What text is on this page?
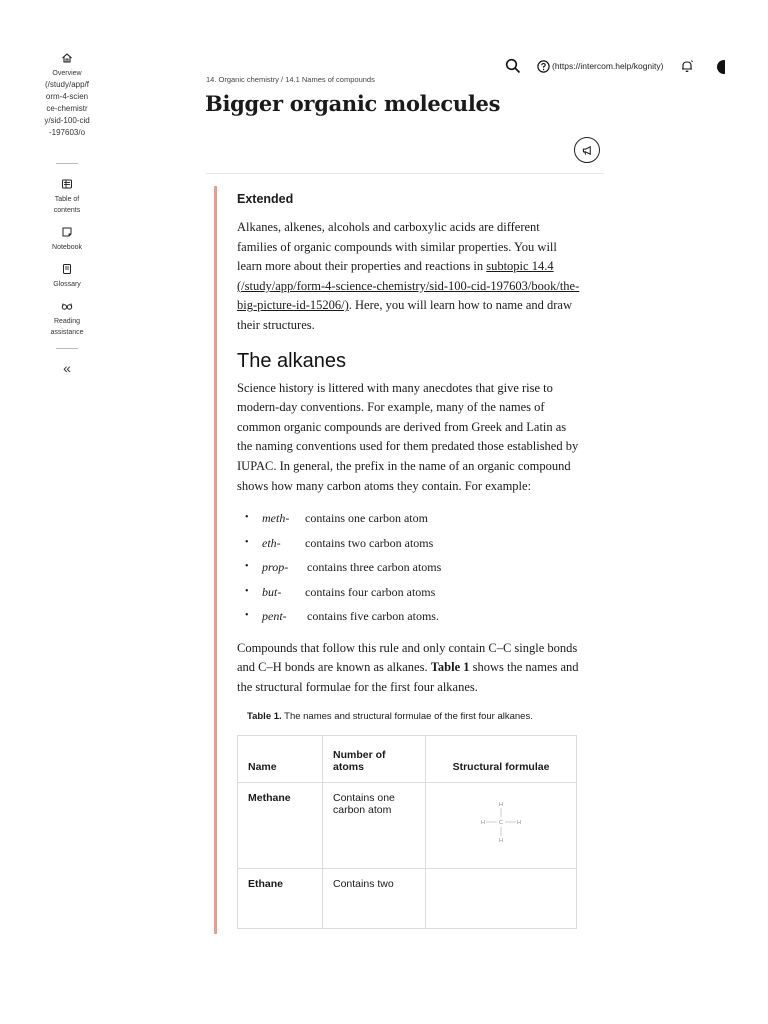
Overview
(/study/app/form-4-science-chemistry/sid-100-cid-197603/o
Table of contents
Notebook
Glossary
Reading assistance
«
14. Organic chemistry / 14.1 Names of compounds
Bigger organic molecules
(https://intercom.help/kognity)
Extended

Alkanes, alkenes, alcohols and carboxylic acids are different families of organic compounds with similar properties. You will learn more about their properties and reactions in subtopic 14.4 (/study/app/form-4-science-chemistry/sid-100-cid-197603/book/the-big-picture-id-15206/). Here, you will learn how to name and draw their structures.

The alkanes

Science history is littered with many anecdotes that give rise to modern-day conventions. For example, many of the names of common organic compounds are derived from Greek and Latin as the naming conventions used for them predated those established by IUPAC. In general, the prefix in the name of an organic compound shows how many carbon atoms they contain. For example:

• meth- contains one carbon atom
• eth- contains two carbon atoms
• prop- contains three carbon atoms
• but- contains four carbon atoms
• pent- contains five carbon atoms.

Compounds that follow this rule and only contain C–C single bonds and C–H bonds are known as alkanes. Table 1 shows the names and the structural formulae for the first four alkanes.

Table 1. The names and structural formulae of the first four alkanes.
Name	Number of atoms	Structural formulae
Methane	Contains one carbon atom	H
H C H
H

Ethane	Contains two	
